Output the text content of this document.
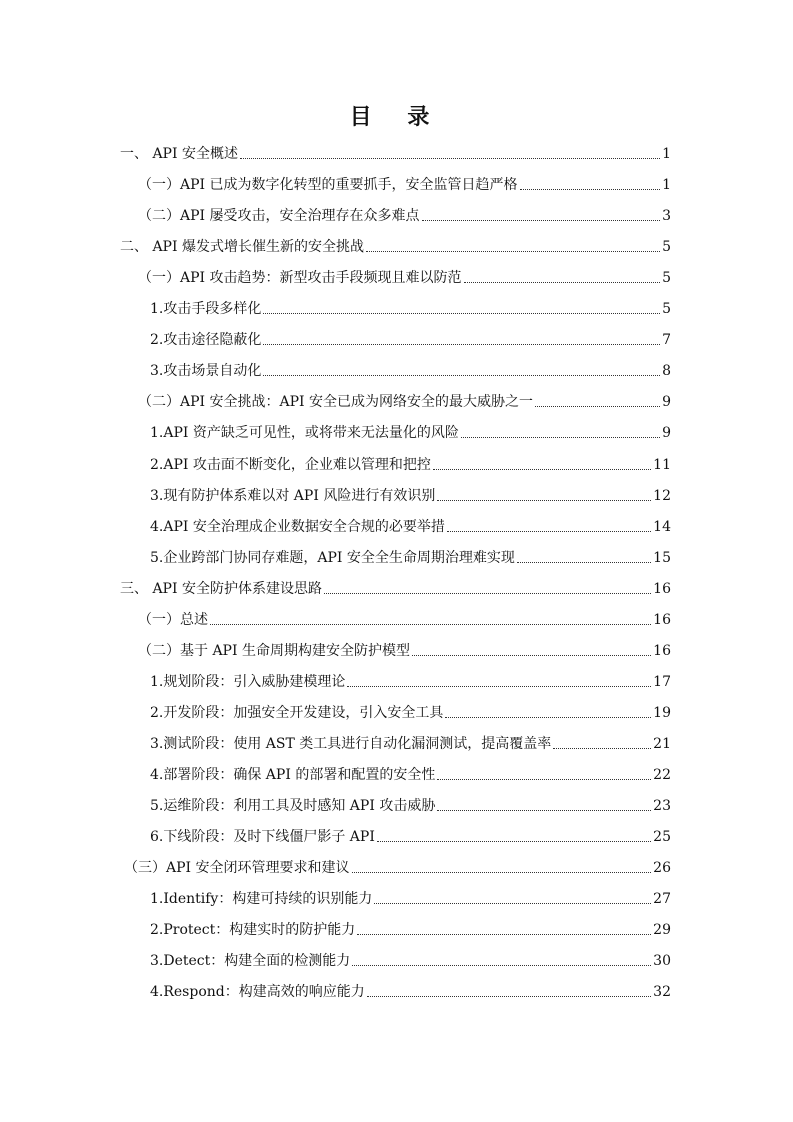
目 录
一、 API 安全概述	1
（一）API 已成为数字化转型的重要抓手，安全监管日趋严格	1
（二）API 屡受攻击，安全治理存在众多难点	3
二、 API 爆发式增长催生新的安全挑战	5
（一）API 攻击趋势：新型攻击手段频现且难以防范	5
1.攻击手段多样化	5
2.攻击途径隐蔽化	7
3.攻击场景自动化	8
（二）API 安全挑战：API 安全已成为网络安全的最大威胁之一	9
1.API 资产缺乏可见性，或将带来无法量化的风险	9
2.API 攻击面不断变化，企业难以管理和把控	11
3.现有防护体系难以对 API 风险进行有效识别	12
4.API 安全治理成企业数据安全合规的必要举措	14
5.企业跨部门协同存难题，API 安全全生命周期治理难实现	15
三、 API 安全防护体系建设思路	16
（一）总述	16
（二）基于 API 生命周期构建安全防护模型	16
1.规划阶段：引入威胁建模理论	17
2.开发阶段：加强安全开发建设，引入安全工具	19
3.测试阶段：使用 AST 类工具进行自动化漏洞测试，提高覆盖率	21
4.部署阶段：确保 API 的部署和配置的安全性	22
5.运维阶段：利用工具及时感知 API 攻击威胁	23
6.下线阶段：及时下线僵尸影子 API	25
（三）API 安全闭环管理要求和建议	26
1.Identify：构建可持续的识别能力	27
2.Protect：构建实时的防护能力	29
3.Detect：构建全面的检测能力	30
4.Respond：构建高效的响应能力	32
